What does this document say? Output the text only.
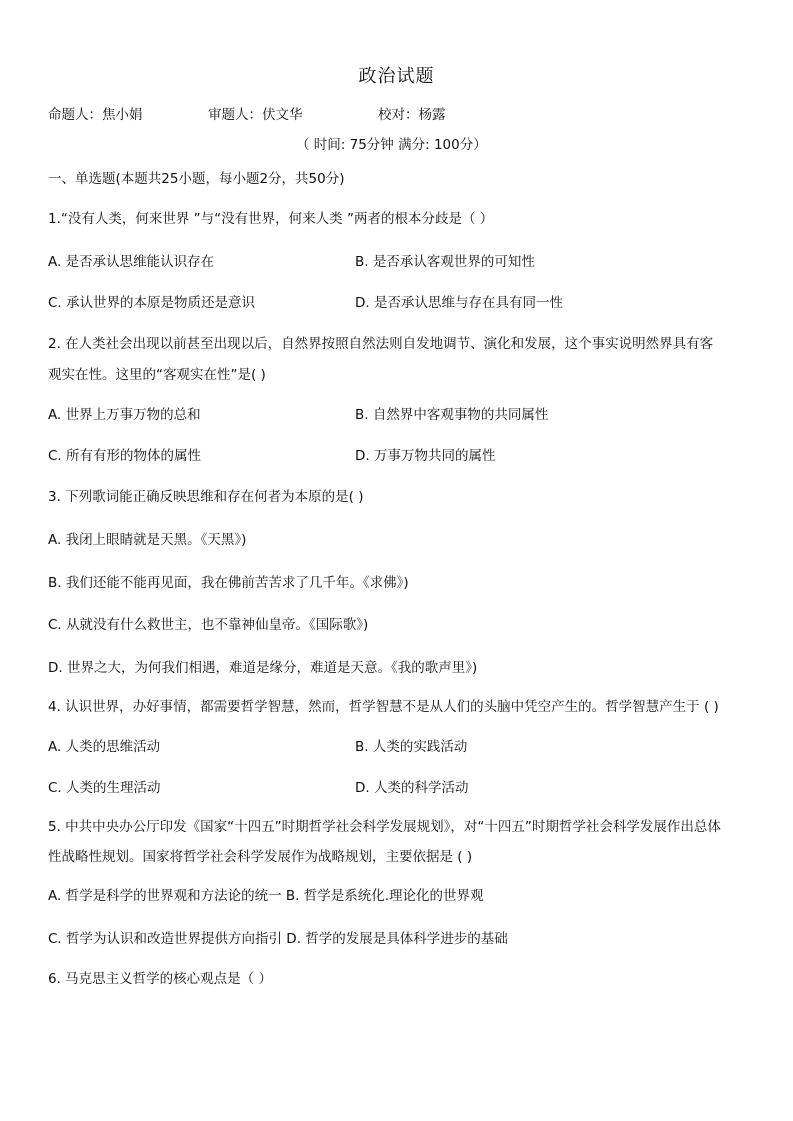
政治试题
命题人：焦小娟	审题人：伏文华	校对：杨露
（ 时间: 75分钟 满分: 100分）
一、单选题(本题共25小题，每小题2分，共50分)
1.“没有人类，何来世界 ”与“没有世界，何来人类 ”两者的根本分歧是（ ）
A. 是否承认思维能认识存在	B. 是否承认客观世界的可知性
C. 承认世界的本原是物质还是意识	D. 是否承认思维与存在具有同一性
2. 在人类社会出现以前甚至出现以后，自然界按照自然法则自发地调节、演化和发展，这个事实说明然界具有客
观实在性。这里的“客观实在性”是( )
A. 世界上万事万物的总和	B. 自然界中客观事物的共同属性
C. 所有有形的物体的属性	D. 万事万物共同的属性
3. 下列歌词能正确反映思维和存在何者为本原的是( )
A. 我闭上眼睛就是天黑。《天黑》)
B. 我们还能不能再见面，我在佛前苦苦求了几千年。《求佛》)
C. 从就没有什么救世主，也不靠神仙皇帝。《国际歌》)
D. 世界之大，为何我们相遇，难道是缘分，难道是天意。《我的歌声里》)
4. 认识世界，办好事情，都需要哲学智慧，然而，哲学智慧不是从人们的头脑中凭空产生的。哲学智慧产生于 ( )
A. 人类的思维活动	B. 人类的实践活动
C. 人类的生理活动	D. 人类的科学活动
5. 中共中央办公厅印发《国家“十四五”时期哲学社会科学发展规划》，对“十四五”时期哲学社会科学发展作出总体
性战略性规划。国家将哲学社会科学发展作为战略规划，主要依据是 ( )
A. 哲学是科学的世界观和方法论的统一 B. 哲学是系统化.理论化的世界观
C. 哲学为认识和改造世界提供方向指引 D. 哲学的发展是具体科学进步的基础
6. 马克思主义哲学的核心观点是（ ）
